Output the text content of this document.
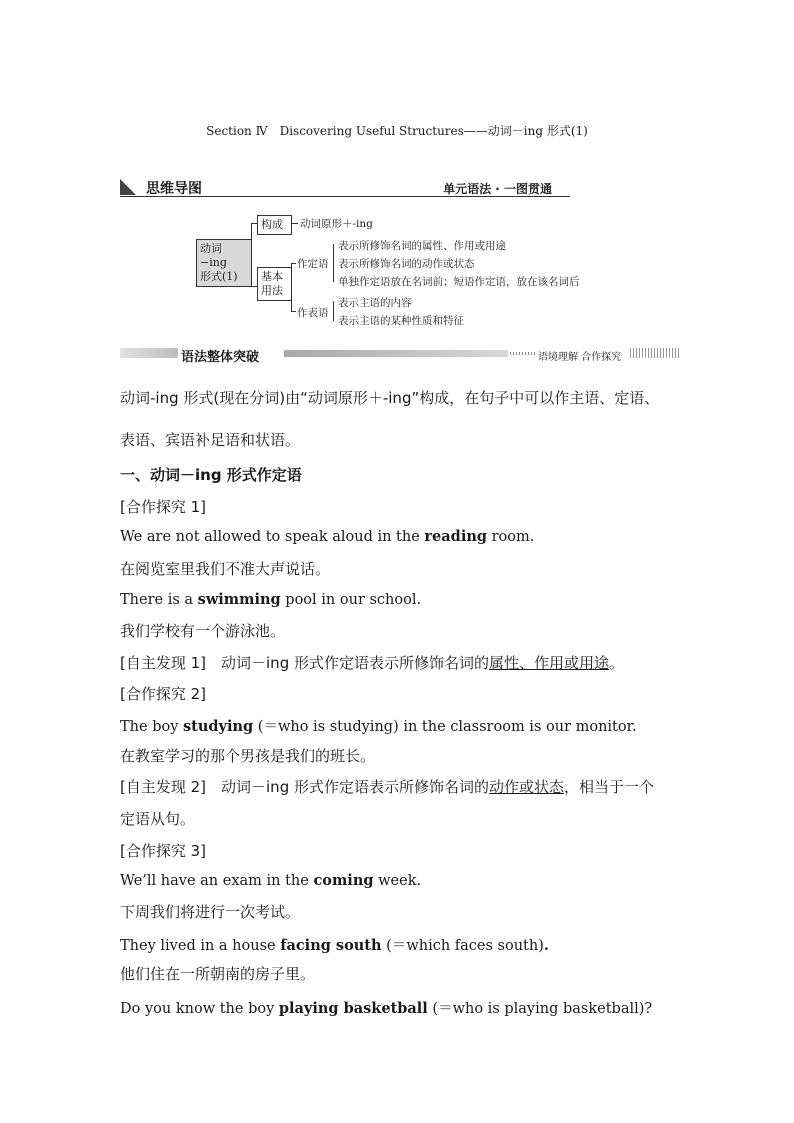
Section Ⅳ　Discovering Useful Structures——动词－ing 形式(1)
思维导图	单元语法 · 一图贯通
动词−ing
形式(1)
构成	动词原形＋-ing
基本
用法
作定语
表示所修饰名词的属性、作用或用途
表示所修饰名词的动作或状态
单独作定语放在名词前；短语作定语，放在该名词后
作表语
表示主语的内容
表示主语的某种性质和特征
语法整体突破	语境理解 合作探究
动词-ing 形式(现在分词)由“动词原形＋-ing”构成，在句子中可以作主语、定语、
表语、宾语补足语和状语。
一、动词－ing 形式作定语
[合作探究 1]
We are not allowed to speak aloud in the reading room.
在阅览室里我们不准大声说话。
There is a swimming pool in our school.
我们学校有一个游泳池。
[自主发现 1]　动词－ing 形式作定语表示所修饰名词的属性、作用或用途。
[合作探究 2]
The boy studying (＝who is studying) in the classroom is our monitor.
在教室学习的那个男孩是我们的班长。
[自主发现 2]　动词－ing 形式作定语表示所修饰名词的动作或状态，相当于一个
定语从句。
[合作探究 3]
We’ll have an exam in the coming week.
下周我们将进行一次考试。
They lived in a house facing south (＝which faces south).
他们住在一所朝南的房子里。
Do you know the boy playing basketball (＝who is playing basketball)?
